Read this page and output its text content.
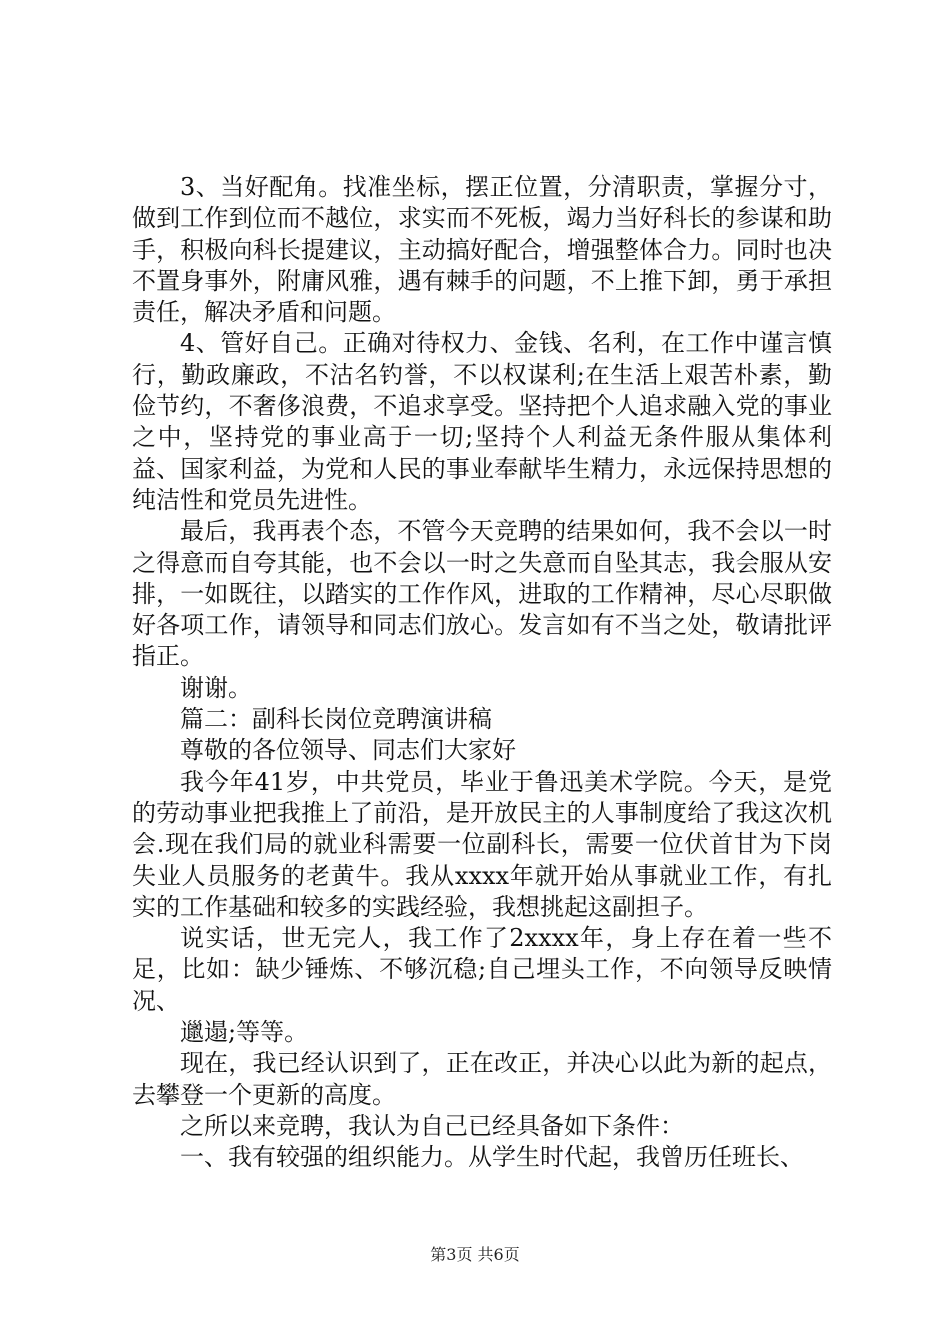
3、当好配角。找准坐标，摆正位置，分清职责，掌握分寸，做到工作到位而不越位，求实而不死板，竭力当好科长的参谋和助手，积极向科长提建议，主动搞好配合，增强整体合力。同时也决不置身事外，附庸风雅，遇有棘手的问题，不上推下卸，勇于承担责任，解决矛盾和问题。

4、管好自己。正确对待权力、金钱、名利，在工作中谨言慎行，勤政廉政，不沽名钓誉，不以权谋利;在生活上艰苦朴素，勤俭节约，不奢侈浪费，不追求享受。坚持把个人追求融入党的事业之中，坚持党的事业高于一切;坚持个人利益无条件服从集体利益、国家利益，为党和人民的事业奉献毕生精力，永远保持思想的纯洁性和党员先进性。

最后，我再表个态，不管今天竞聘的结果如何，我不会以一时之得意而自夸其能，也不会以一时之失意而自坠其志，我会服从安排，一如既往，以踏实的工作作风，进取的工作精神，尽心尽职做好各项工作，请领导和同志们放心。发言如有不当之处，敬请批评指正。

谢谢。

篇二：副科长岗位竞聘演讲稿

尊敬的各位领导、同志们大家好

我今年41岁，中共党员，毕业于鲁迅美术学院。今天，是党的劳动事业把我推上了前沿，是开放民主的人事制度给了我这次机会.现在我们局的就业科需要一位副科长，需要一位伏首甘为下岗失业人员服务的老黄牛。我从xxxx年就开始从事就业工作，有扎实的工作基础和较多的实践经验，我想挑起这副担子。

说实话，世无完人，我工作了2xxxx年，身上存在着一些不足，比如：缺少锤炼、不够沉稳;自己埋头工作，不向领导反映情况、

邋遢;等等。

现在，我已经认识到了，正在改正，并决心以此为新的起点，去攀登一个更新的高度。

之所以来竞聘，我认为自己已经具备如下条件：

一、我有较强的组织能力。从学生时代起，我曾历任班长、

第3页 共6页
